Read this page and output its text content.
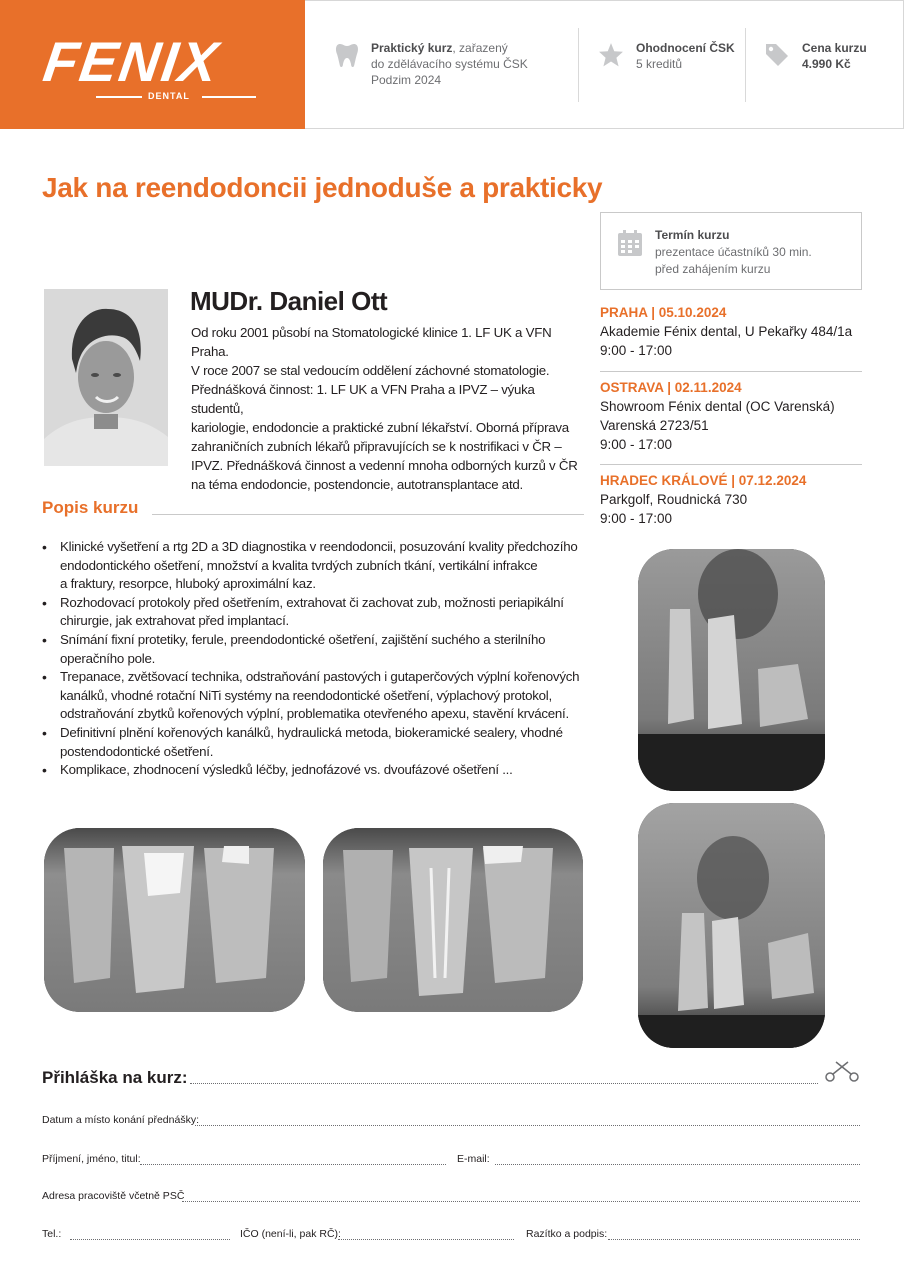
FENIX
DENTAL
Praktický kurz, zařazený
do zdělávacího systému ČSK
Podzim 2024
Ohodnocení ČSK
5 kreditů
Cena kurzu
4.990 Kč
Jak na reendodoncii jednoduše a prakticky
Termín kurzu
prezentace účastníků 30 min.
před zahájením kurzu
PRAHA | 05.10.2024
Akademie Fénix dental, U Pekařky 484/1a
9:00 - 17:00
OSTRAVA | 02.11.2024
Showroom Fénix dental (OC Varenská)
Varenská 2723/51
9:00 - 17:00
HRADEC KRÁLOVÉ | 07.12.2024
Parkgolf, Roudnická 730
9:00 - 17:00
MUDr. Daniel Ott
Od roku 2001 působí na Stomatologické klinice 1. LF UK a VFN Praha.
V roce 2007 se stal vedoucím oddělení záchovné stomatologie.
Přednášková činnost: 1. LF UK a VFN Praha a IPVZ – výuka studentů,
kariologie, endodoncie a praktické zubní lékařství. Oborná příprava
zahraničních zubních lékařů připravujících se k nostrifikaci v ČR –
IPVZ. Přednášková činnost a vedenní mnoha odborných kurzů v ČR
na téma endodoncie, postendoncie, autotransplantace atd.
Popis kurzu
• Klinické vyšetření a rtg 2D a 3D diagnostika v reendodoncii, posuzování kvality předchozího
endodontického ošetření, množství a kvalita tvrdých zubních tkání, vertikální infrakce
a fraktury, resorpce, hluboký aproximální kaz.
• Rozhodovací protokoly před ošetřením, extrahovat či zachovat zub, možnosti periapikální
chirurgie, jak extrahovat před implantací.
• Snímání fixní protetiky, ferule, preendodontické ošetření, zajištění suchého a sterilního
operačního pole.
• Trepanace, zvětšovací technika, odstraňování pastových i gutaperčových výplní kořenových
kanálků, vhodné rotační NiTi systémy na reendodontické ošetření, výplachový protokol,
odstraňování zbytků kořenových výplní, problematika otevřeného apexu, stavění krvácení.
• Definitivní plnění kořenových kanálků, hydraulická metoda, biokeramické sealery, vhodné
postendodontické ošetření.
• Komplikace, zhodnocení výsledků léčby, jednofázové vs. dvoufázové ošetření ...
Přihláška na kurz:
Datum a místo konání přednášky:
Příjmení, jméno, titul:	E-mail:
Adresa pracoviště včetně PSČ
Tel.:	IČO (není-li, pak RČ):	Razítko a podpis:
